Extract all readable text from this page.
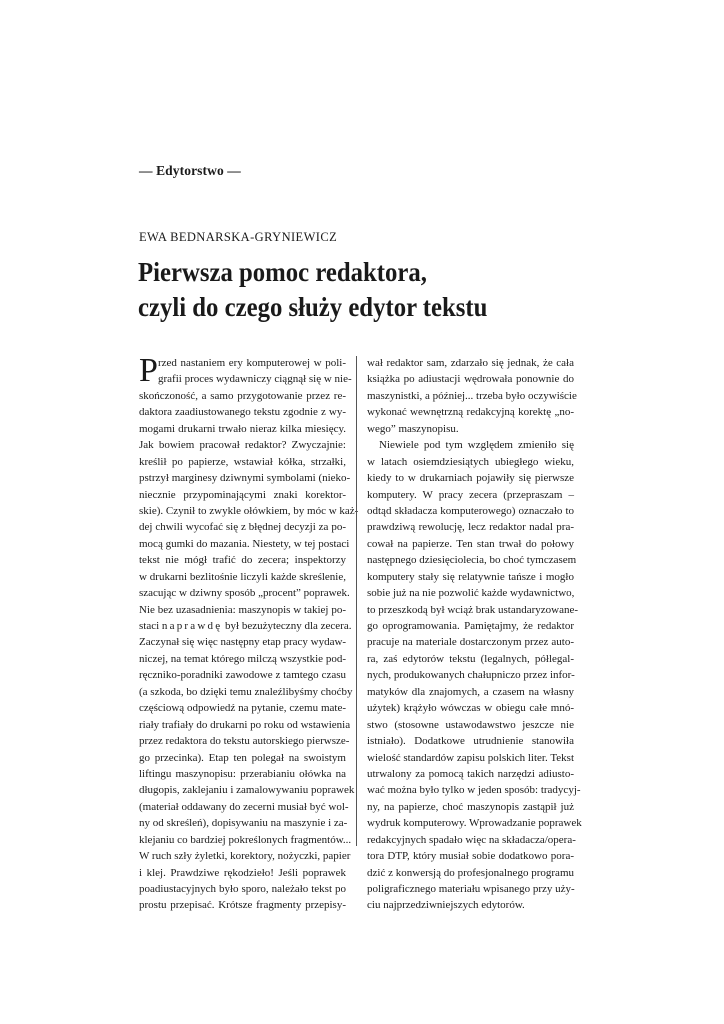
— Edytorstwo —
EWA BEDNARSKA-GRYNIEWICZ
Pierwsza pomoc redaktora,
czyli do czego służy edytor tekstu
P rzed nastaniem ery komputerowej w poli-
grafii proces wydawniczy ciągnął się w nie-
skończoność, a samo przygotowanie przez re-
daktora zaadiustowanego tekstu zgodnie z wy-
mogami drukarni trwało nieraz kilka miesięcy.
Jak bowiem pracował redaktor? Zwyczajnie:
kreślił po papierze, wstawiał kółka, strzałki,
pstrzył marginesy dziwnymi symbolami (nieko-
niecznie przypominającymi znaki korektor-
skie). Czynił to zwykle ołówkiem, by móc w każ-
dej chwili wycofać się z błędnej decyzji za po-
mocą gumki do mazania. Niestety, w tej postaci
tekst nie mógł trafić do zecera; inspektorzy
w drukarni bezlitośnie liczyli każde skreślenie,
szacując w dziwny sposób „procent” poprawek.
Nie bez uzasadnienia: maszynopis w takiej po-
staci naprawdę był bezużyteczny dla zecera.
Zaczynał się więc następny etap pracy wydaw-
niczej, na temat którego milczą wszystkie pod-
ręczniko-poradniki zawodowe z tamtego czasu
(a szkoda, bo dzięki temu znaleźlibyśmy choćby
częściową odpowiedź na pytanie, czemu mate-
riały trafiały do drukarni po roku od wstawienia
przez redaktora do tekstu autorskiego pierwsze-
go przecinka). Etap ten polegał na swoistym
liftingu maszynopisu: przerabianiu ołówka na
długopis, zaklejaniu i zamalowywaniu poprawek
(materiał oddawany do zecerni musiał być wol-
ny od skreśleń), dopisywaniu na maszynie i za-
klejaniu co bardziej pokreślonych fragmentów...
W ruch szły żyletki, korektory, nożyczki, papier
i klej. Prawdziwe rękodzieło! Jeśli poprawek
poadiustacyjnych było sporo, należało tekst po
prostu przepisać. Krótsze fragmenty przepisy-
wał redaktor sam, zdarzało się jednak, że cała
książka po adiustacji wędrowała ponownie do
maszynistki, a później... trzeba było oczywiście
wykonać wewnętrzną redakcyjną korektę „no-
wego” maszynopisu.
Niewiele pod tym względem zmieniło się
w latach osiemdziesiątych ubiegłego wieku,
kiedy to w drukarniach pojawiły się pierwsze
komputery. W pracy zecera (przepraszam –
odtąd składacza komputerowego) oznaczało to
prawdziwą rewolucję, lecz redaktor nadal pra-
cował na papierze. Ten stan trwał do połowy
następnego dziesięciolecia, bo choć tymczasem
komputery stały się relatywnie tańsze i mogło
sobie już na nie pozwolić każde wydawnictwo,
to przeszkodą był wciąż brak ustandaryzowane-
go oprogramowania. Pamiętajmy, że redaktor
pracuje na materiale dostarczonym przez auto-
ra, zaś edytorów tekstu (legalnych, półlegal-
nych, produkowanych chałupniczo przez infor-
matyków dla znajomych, a czasem na własny
użytek) krążyło wówczas w obiegu całe mnó-
stwo (stosowne ustawodawstwo jeszcze nie
istniało). Dodatkowe utrudnienie stanowiła
wielość standardów zapisu polskich liter. Tekst
utrwalony za pomocą takich narzędzi adiusto-
wać można było tylko w jeden sposób: tradycyj-
ny, na papierze, choć maszynopis zastąpił już
wydruk komputerowy. Wprowadzanie poprawek
redakcyjnych spadało więc na składacza/opera-
tora DTP, który musiał sobie dodatkowo pora-
dzić z konwersją do profesjonalnego programu
poligraficznego materiału wpisanego przy uży-
ciu najprzedziwniejszych edytorów.
